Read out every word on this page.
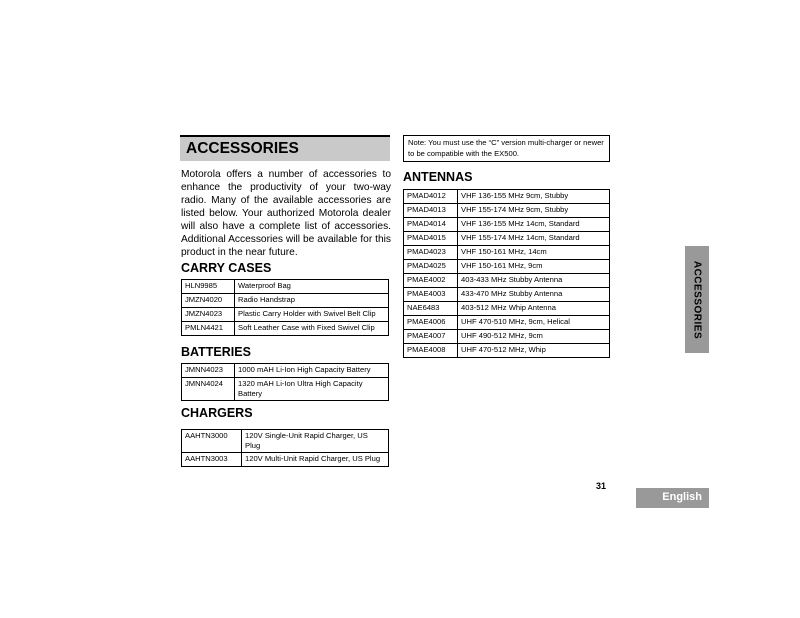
ACCESSORIES

Motorola offers a number of accessories to enhance the productivity of your two-way radio. Many of the available accessories are listed below. Your authorized Motorola dealer will also have a complete list of accessories. Additional Accessories will be available for this product in the near future.

CARRY CASES
HLN9985	Waterproof Bag
JMZN4020	Radio Handstrap
JMZN4023	Plastic Carry Holder with Swivel Belt Clip
PMLN4421	Soft Leather Case with Fixed Swivel Clip
BATTERIES
JMNN4023	1000 mAH Li-Ion High Capacity Battery
JMNN4024	1320 mAH Li-Ion Ultra High Capacity Battery
CHARGERS
AAHTN3000	120V Single-Unit Rapid Charger, US Plug
AAHTN3003	120V Multi-Unit Rapid Charger, US Plug
Note: You must use the “C” version multi-charger or newer to be compatible with the EX500.
ANTENNAS
PMAD4012	VHF 136-155 MHz 9cm, Stubby
PMAD4013	VHF 155-174 MHz 9cm, Stubby
PMAD4014	VHF 136-155 MHz 14cm, Standard
PMAD4015	VHF 155-174 MHz 14cm, Standard
PMAD4023	VHF 150-161 MHz, 14cm
PMAD4025	VHF 150-161 MHz, 9cm
PMAE4002	403-433 MHz Stubby Antenna
PMAE4003	433-470 MHz Stubby Antenna
NAE6483	403-512 MHz Whip Antenna
PMAE4006	UHF 470-510 MHz, 9cm, Helical
PMAE4007	UHF 490-512 MHz, 9cm
PMAE4008	UHF 470-512 MHz, Whip
ACCESSORIES
31
English
